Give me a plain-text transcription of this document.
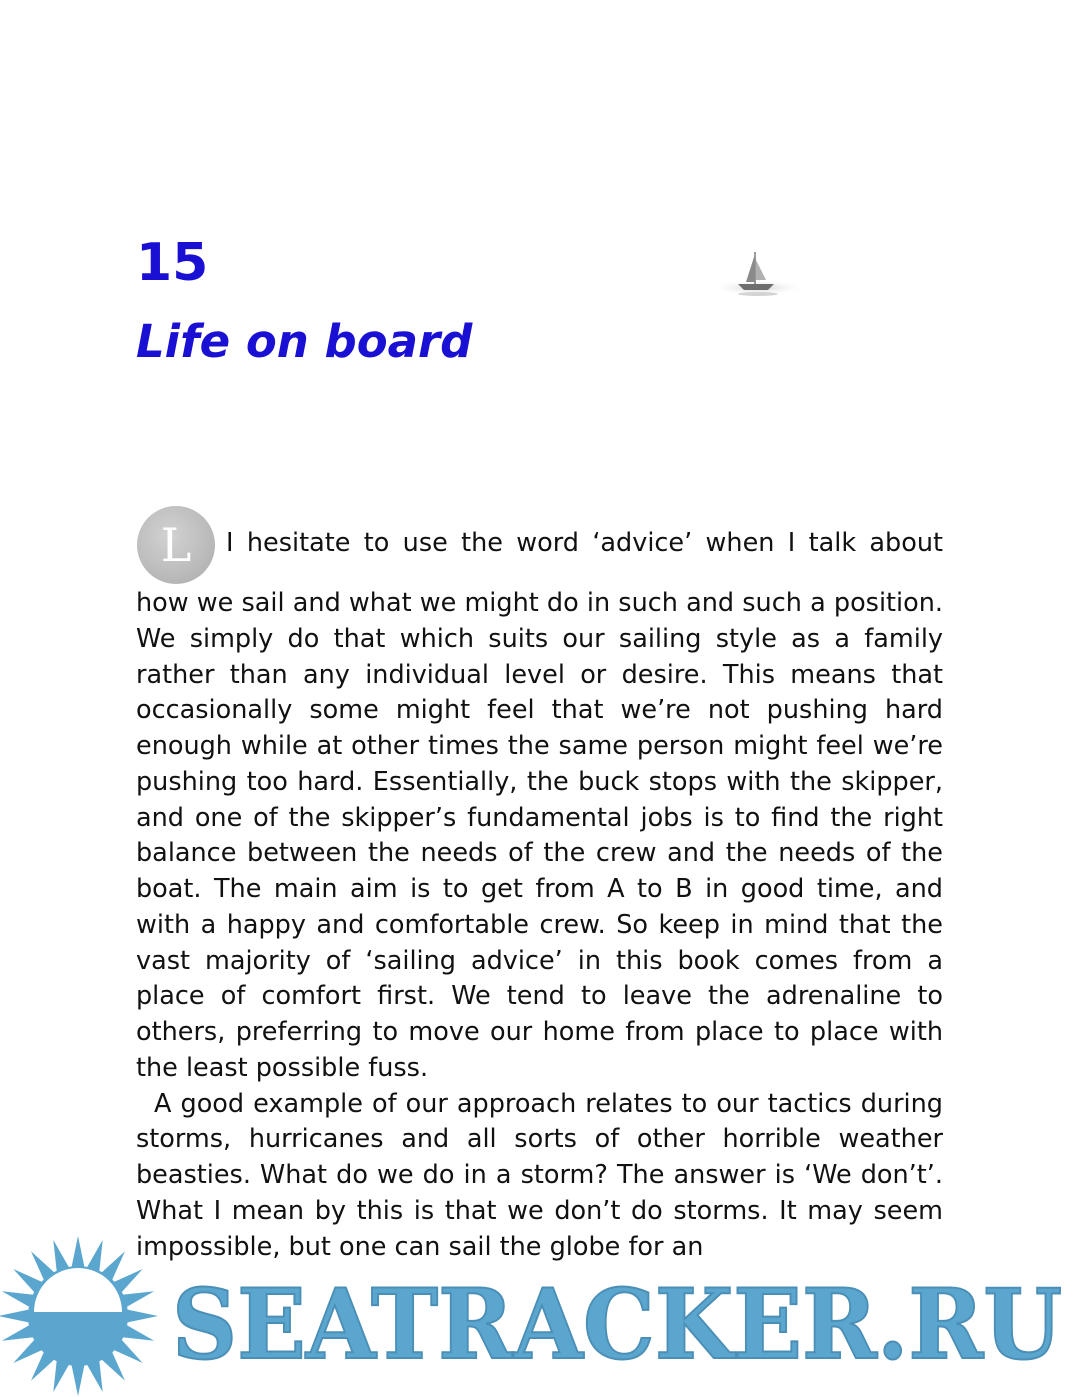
15
Life on board
L	I hesitate to use the word ‘advice’ when I talk about

how we sail and what we might do in such and such a position. We simply do that which suits our sailing style as a family rather than any individual level or desire. This means that occasionally some might feel that we’re not pushing hard enough while at other times the same person might feel we’re pushing too hard. Essentially, the buck stops with the skipper, and one of the skipper’s fundamental jobs is to find the right balance between the needs of the crew and the needs of the boat. The main aim is to get from A to B in good time, and with a happy and comfortable crew. So keep in mind that the vast majority of ‘sailing advice’ in this book comes from a place of comfort first. We tend to leave the adrenaline to others, preferring to move our home from place to place with the least possible fuss.

A good example of our approach relates to our tactics during storms, hurricanes and all sorts of other horrible weather beasties. What do we do in a storm? The answer is ‘We don’t’. What I mean by this is that we don’t do storms. It may seem impossible, but one can sail the globe for an

SEATRACKER.RU
